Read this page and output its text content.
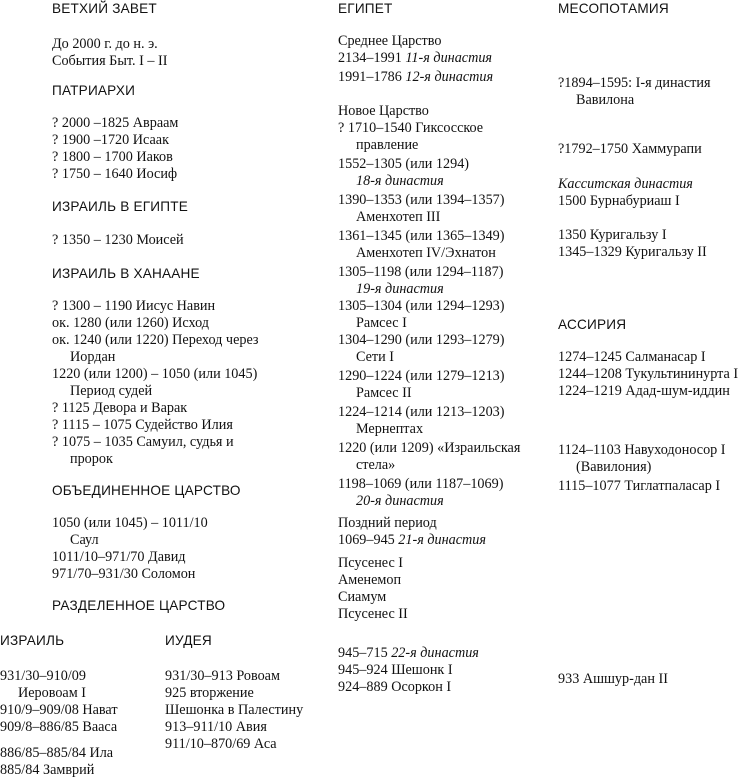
ВЕТХИЙ ЗАВЕТ
До 2000 г. до н. э.
События Быт. I – II
ПАТРИАРХИ
? 2000 –1825 Авраам
? 1900 –1720 Исаак
? 1800 – 1700 Иаков
? 1750 – 1640 Иосиф
ИЗРАИЛЬ В ЕГИПТЕ
? 1350 – 1230 Моисей
ИЗРАИЛЬ В ХАНААНЕ
? 1300 – 1190 Иисус Навин
ок. 1280 (или 1260) Исход
ок. 1240 (или 1220) Переход через
Иордан
1220 (или 1200) – 1050 (или 1045)
Период судей
? 1125 Девора и Варак
? 1115 – 1075 Судейство Илия
? 1075 – 1035 Самуил, судья и
пророк
ОБЪЕДИНЕННОЕ ЦАРСТВО
1050 (или 1045) – 1011/10
Саул
1011/10–971/70 Давид
971/70–931/30 Соломон
РАЗДЕЛЕННОЕ ЦАРСТВО
ИЗРАИЛЬ
931/30–910/09
Иеровоам I
910/9–909/08 Нават
909/8–886/85 Вааса
886/85–885/84 Ила
885/84 Замврий
ИУДЕЯ
931/30–913 Ровоам
925 вторжение
Шешонка в Палестину
913–911/10 Авия
911/10–870/69 Аса
ЕГИПЕТ
Среднее Царство
2134–1991 11-я династия
1991–1786 12-я династия
Новое Царство
? 1710–1540 Гиксосское
правление
1552–1305 (или 1294)
18-я династия
1390–1353 (или 1394–1357)
Аменхотеп III
1361–1345 (или 1365–1349)
Аменхотеп IV/Эхнатон
1305–1198 (или 1294–1187)
19-я династия
1305–1304 (или 1294–1293)
Рамсес I
1304–1290 (или 1293–1279)
Сети I
1290–1224 (или 1279–1213)
Рамсес II
1224–1214 (или 1213–1203)
Мернептах
1220 (или 1209) «Израильская
стела»
1198–1069 (или 1187–1069)
20-я династия
Поздний период
1069–945 21-я династия
Псусенес I
Аменемоп
Сиамум
Псусенес II
945–715 22-я династия
945–924 Шешонк I
924–889 Осоркон I
МЕСОПОТАМИЯ
?1894–1595: I-я династия
Вавилона
?1792–1750 Хаммурапи
Касситская династия
1500 Бурнабуриаш I
1350 Куригальзу I
1345–1329 Куригальзу II
АССИРИЯ
1274–1245 Салманасар I
1244–1208 Тукультининурта I
1224–1219 Адад-шум-иддин
1124–1103 Навуходоносор I
(Вавилония)
1115–1077 Тиглатпаласар I
933 Ашшур-дан II
